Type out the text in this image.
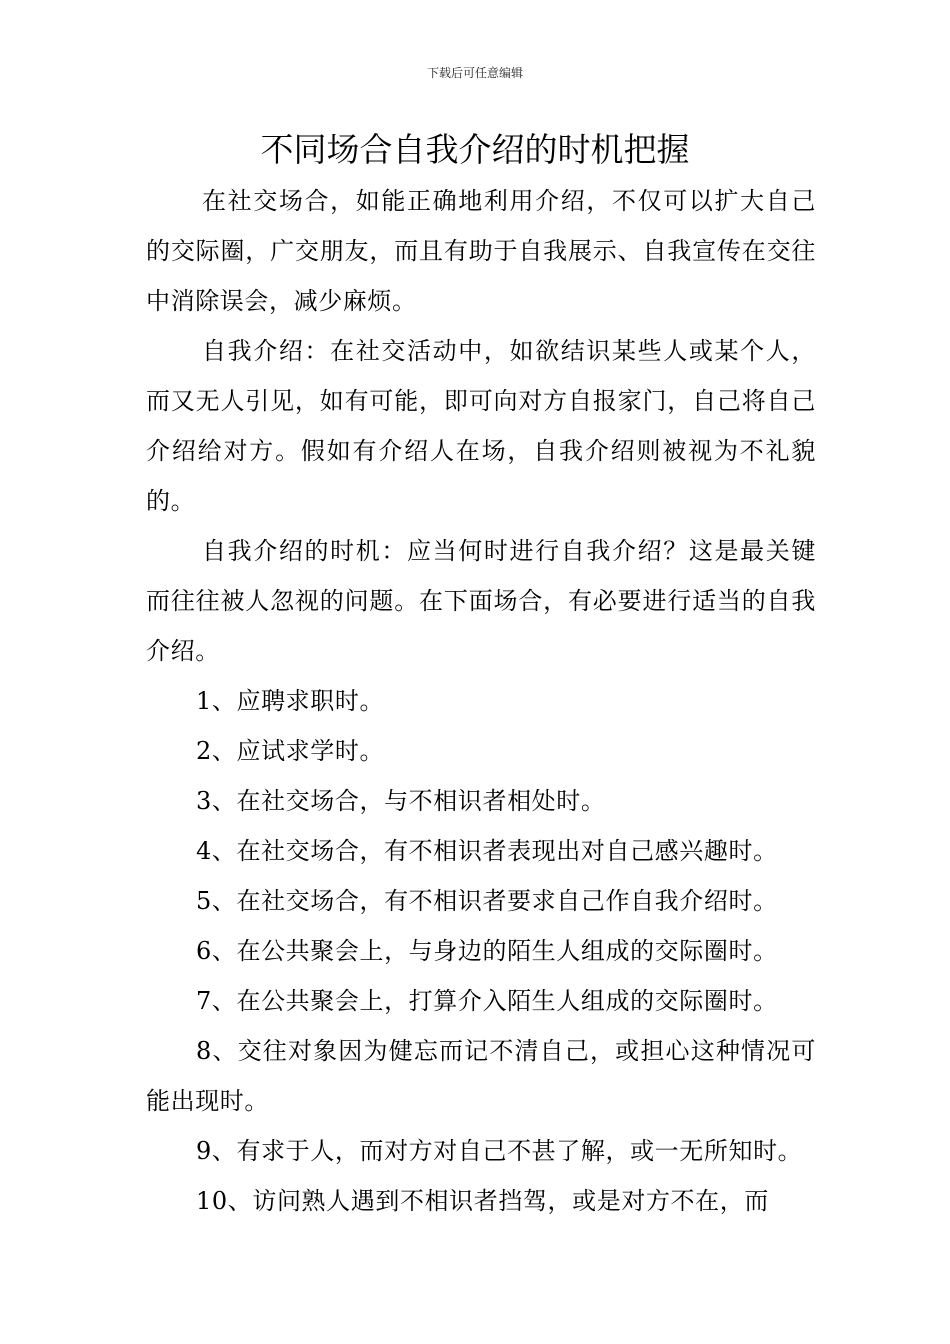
下载后可任意编辑
不同场合自我介绍的时机把握

在社交场合，如能正确地利用介绍，不仅可以扩大自己的交际圈，广交朋友，而且有助于自我展示、自我宣传在交往中消除误会，减少麻烦。

自我介绍：在社交活动中，如欲结识某些人或某个人，而又无人引见，如有可能，即可向对方自报家门，自己将自己介绍给对方。假如有介绍人在场，自我介绍则被视为不礼貌的。

自我介绍的时机：应当何时进行自我介绍？这是最关键而往往被人忽视的问题。在下面场合，有必要进行适当的自我介绍。

1、应聘求职时。

2、应试求学时。

3、在社交场合，与不相识者相处时。

4、在社交场合，有不相识者表现出对自己感兴趣时。

5、在社交场合，有不相识者要求自己作自我介绍时。

6、在公共聚会上，与身边的陌生人组成的交际圈时。

7、在公共聚会上，打算介入陌生人组成的交际圈时。

8、交往对象因为健忘而记不清自己，或担心这种情况可能出现时。

9、有求于人，而对方对自己不甚了解，或一无所知时。

10、访问熟人遇到不相识者挡驾，或是对方不在，而
